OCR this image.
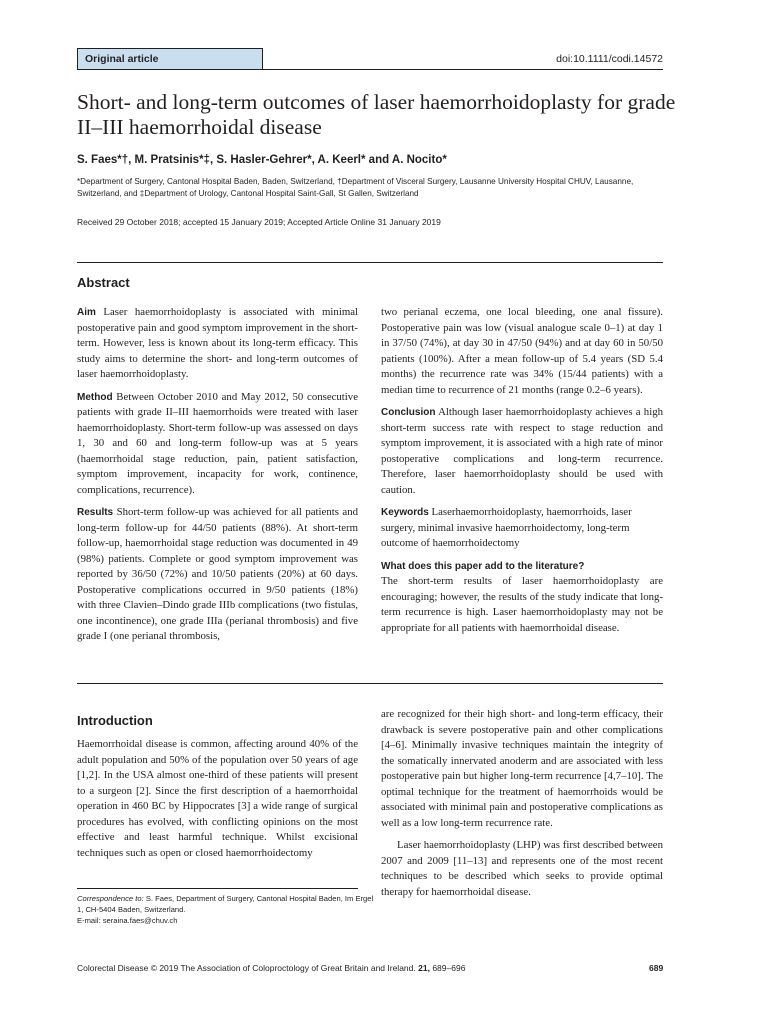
Original article	doi:10.1111/codi.14572
Short- and long-term outcomes of laser haemorrhoidoplasty for grade II–III haemorrhoidal disease
S. Faes*†, M. Pratsinis*‡, S. Hasler-Gehrer*, A. Keerl* and A. Nocito*
*Department of Surgery, Cantonal Hospital Baden, Baden, Switzerland, †Department of Visceral Surgery, Lausanne University Hospital CHUV, Lausanne, Switzerland, and ‡Department of Urology, Cantonal Hospital Saint-Gall, St Gallen, Switzerland
Received 29 October 2018; accepted 15 January 2019; Accepted Article Online 31 January 2019
Abstract

Aim Laser haemorrhoidoplasty is associated with minimal postoperative pain and good symptom improvement in the short-term. However, less is known about its long-term efficacy. This study aims to determine the short- and long-term outcomes of laser haemorrhoidoplasty.

Method Between October 2010 and May 2012, 50 consecutive patients with grade II–III haemorrhoids were treated with laser haemorrhoidoplasty. Short-term follow-up was assessed on days 1, 30 and 60 and long-term follow-up was at 5 years (haemorrhoidal stage reduction, pain, patient satisfaction, symptom improvement, incapacity for work, continence, complications, recurrence).

Results Short-term follow-up was achieved for all patients and long-term follow-up for 44/50 patients (88%). At short-term follow-up, haemorrhoidal stage reduction was documented in 49 (98%) patients. Complete or good symptom improvement was reported by 36/50 (72%) and 10/50 patients (20%) at 60 days. Postoperative complications occurred in 9/50 patients (18%) with three Clavien–Dindo grade IIIb complications (two fistulas, one incontinence), one grade IIIa (perianal thrombosis) and five grade I (one perianal thrombosis,

two perianal eczema, one local bleeding, one anal fissure). Postoperative pain was low (visual analogue scale 0–1) at day 1 in 37/50 (74%), at day 30 in 47/50 (94%) and at day 60 in 50/50 patients (100%). After a mean follow-up of 5.4 years (SD 5.4 months) the recurrence rate was 34% (15/44 patients) with a median time to recurrence of 21 months (range 0.2–6 years).

Conclusion Although laser haemorrhoidoplasty achieves a high short-term success rate with respect to stage reduction and symptom improvement, it is associated with a high rate of minor postoperative complications and long-term recurrence. Therefore, laser haemorrhoidoplasty should be used with caution.

Keywords Laserhaemorrhoidoplasty, haemorrhoids, laser surgery, minimal invasive haemorrhoidectomy, long-term outcome of haemorrhoidectomy

What does this paper add to the literature?

The short-term results of laser haemorrhoidoplasty are encouraging; however, the results of the study indicate that long-term recurrence is high. Laser haemorrhoidoplasty may not be appropriate for all patients with haemorrhoidal disease.

Introduction

Haemorrhoidal disease is common, affecting around 40% of the adult population and 50% of the population over 50 years of age [1,2]. In the USA almost one-third of these patients will present to a surgeon [2]. Since the first description of a haemorrhoidal operation in 460 BC by Hippocrates [3] a wide range of surgical procedures has evolved, with conflicting opinions on the most effective and least harmful technique. Whilst excisional techniques such as open or closed haemorrhoidectomy

are recognized for their high short- and long-term efficacy, their drawback is severe postoperative pain and other complications [4–6]. Minimally invasive techniques maintain the integrity of the somatically innervated anoderm and are associated with less postoperative pain but higher long-term recurrence [4,7–10]. The optimal technique for the treatment of haemorrhoids would be associated with minimal pain and postoperative complications as well as a low long-term recurrence rate.

Laser haemorrhoidoplasty (LHP) was first described between 2007 and 2009 [11–13] and represents one of the most recent techniques to be described which seeks to provide optimal therapy for haemorrhoidal disease.

Correspondence to: S. Faes, Department of Surgery, Cantonal Hospital Baden, Im Ergel 1, CH-5404 Baden, Switzerland.
E-mail: seraina.faes@chuv.ch
Colorectal Disease © 2019 The Association of Coloproctology of Great Britain and Ireland. 21, 689–696	689
